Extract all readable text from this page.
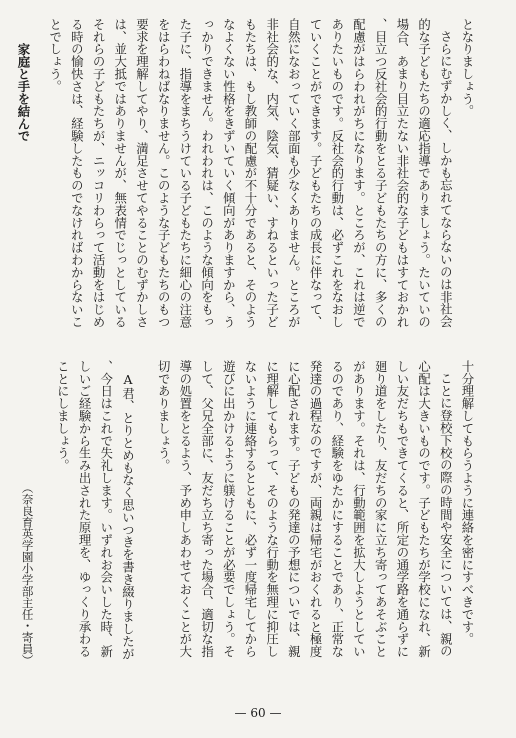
となりましょう。
さらにむずかしく、しかも忘れてならないのは非社会的な子どもたちの適応指導でありましょう。たいていの場合、あまり目立たない非社会的な子どもはすておかれ、目立つ反社会的行動をとる子どもたちの方に、多くの配慮がはらわれがちになります。ところが、これは逆でありたいものです。反社会的行動は、必ずこれをなおしていくことができます。子どもたちの成長に伴なって、自然になおっていく部面も少なくありません。ところが非社会的な、内気、陰気、猜疑い、すねるといった子どもたちは、もし教師の配慮が不十分であると、そのようなよくない性格をきずいていく傾向がありますから、うっかりできません。われわれは、このような傾向をもった子に、指導をまちうけている子どもたちに細心の注意をはらわねばなりません。このような子どもたちのもつ要求を理解してやり、満足させてやることのむずかしさは、並大抵ではありませんが、無表情でじっとしているそれらの子どもたちが、ニッコリわらって活動をはじめる時の愉快さは、経験したものでなければわからないことでしょう。
家庭と手を結んで
十分理解してもらうように連絡を密にすべきです。
ことに登校下校の際の時間や安全については、親の心配は大きいものです。子どもたちが学校になれ、新しい友だちもできてくると、所定の通学路を通らずに廻り道をしたり、友だちの家に立ち寄ってあそぶことがあります。それは、行動範囲を拡大しようとしているのであり、経験をゆたかにすることであり、正常な発達の過程なのですが、両親は帰宅がおくれると極度に心配されます。子どもの発達の予想についでは、親に理解してもらって、そのような行動を無理に抑圧しないように連絡するとともに、必ず一度帰宅してから遊びに出かけるように躾けることが必要でしょう。そして、父兄全部に、友だち立ち寄った場合、適切な指導の処置をとるよう、予め申しあわせておくことが大切でありましょう。
A君、とりとめもなく思いつきを書き綴りましたが、今日はこれで失礼します。いずれお会いした時、新しいご経験から生み出された原理を、ゆっくり承わることにしましょう。
（奈良育英学園小学部主任・寄員）
— 60 —
